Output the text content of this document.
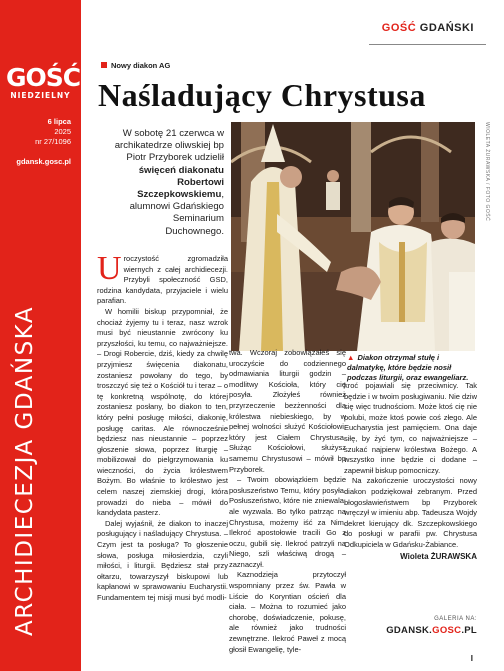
GOŚĆ
NIEDZIELNY
6 lipca
2025
nr 27/1096
gdansk.gosc.pl
ARCHIDIECEZJA GDAŃSKA
GOŚĆ GDAŃSKI
Nowy diakon AG
Naśladujący Chrystusa
W sobotę 21 czerwca w archikatedrze oliwskiej bp Piotr Przyborek udzielił święceń diakonatu Robertowi Szczepkowskiemu, alumnowi Gdańskiego Seminarium Duchownego.
WIOLETA ŻURAWSKA / FOTO GOŚĆ
▲ Diakon otrzymał stułę i dalmatykę, które będzie nosił podczas liturgii, oraz ewangeliarz.
U roczystość zgromadziła wiernych z całej archidiecezji. Przybyli społeczność GSD, rodzina kandydata, przyjaciele i wielu parafian.

W homilii biskup przypomniał, że chociaż żyjemy tu i teraz, nasz wzrok musi być nieustannie zwrócony ku przyszłości, ku temu, co najważniejsze. – Drogi Robercie, dziś, kiedy za chwilę przyjmiesz święcenia diakonatu, zostaniesz powołany do tego, by troszczyć się też o Kościół tu i teraz – o tę konkretną wspólnotę, do której zostaniesz posłany, bo diakon to ten, który pełni posługę miłości, diakonię, posługę caritas. Ale równocześnie będziesz nas nieustannie – poprzez głoszenie słowa, poprzez liturgię – mobilizował do pielgrzymowania ku wieczności, do życia królestwem Bożym. Bo właśnie to królestwo jest celem naszej ziemskiej drogi, która prowadzi do nieba – mówił do kandydata pasterz.

Dalej wyjaśnił, że diakon to inaczej posługujący i naśladujący Chrystusa. – Czym jest ta posługa? To głoszenie słowa, posługa miłosierdzia, czyli miłości, i liturgii. Będziesz stał przy ołtarzu, towarzyszył biskupowi lub kapłanowi w sprawowaniu Eucharystii. Fundamentem tej misji musi być modli-

twa. Wczoraj zobowiązałeś się uroczyście do codziennego odmawiania liturgii godzin – modlitwy Kościoła, który cię posyła. Złożyłeś również przyrzeczenie bezżenności dla królestwa niebieskiego, by w pełnej wolności służyć Kościołowi, który jest Ciałem Chrystusa. Służąc Kościołowi, służysz samemu Chrystusowi – mówił bp Przyborek.

– Twoim obowiązkiem będzie posłuszeństwo Temu, który posyła. Posłuszeństwo, które nie zniewala, ale wyzwala. Bo tylko patrząc na Chrystusa, możemy iść za Nim. Ilekroć apostołowie tracili Go z oczu, gubili się. Ilekroć patrzyli na Niego, szli właściwą drogą – zaznaczył.

Kaznodzieja przytoczył wspomniany przez św. Pawła w Liście do Koryntian oścień dla ciała. – Można to rozumieć jako chorobę, doświadczenie, pokusę, ale również jako trudności zewnętrzne. Ilekroć Paweł z mocą głosił Ewangelię, tyle-

kroć pojawiali się przeciwnicy. Tak będzie i w twoim posługiwaniu. Nie dziw się więc trudnościom. Może ktoś cię nie polubi, może ktoś powie coś złego. Ale Eucharystia jest pamięciem. Ona daje siłę, by żyć tym, co najważniejsze – szukać najpierw królestwa Bożego. A wszystko inne będzie ci dodane – zapewnił biskup pomocniczy.

Na zakończenie uroczystości nowy diakon podziękował zebranym. Przed błogosławieństwem bp Przyborek wręczył w imieniu abp. Tadeusza Wojdy dekret kierujący dk. Szczepkowskiego do posługi w parafii pw. Chrystusa Odkupiciela w Gdańsku-Żabiance.

Wioleta ŻURAWSKA
GALERIA NA:
GDANSK.GOSC.PL
I
